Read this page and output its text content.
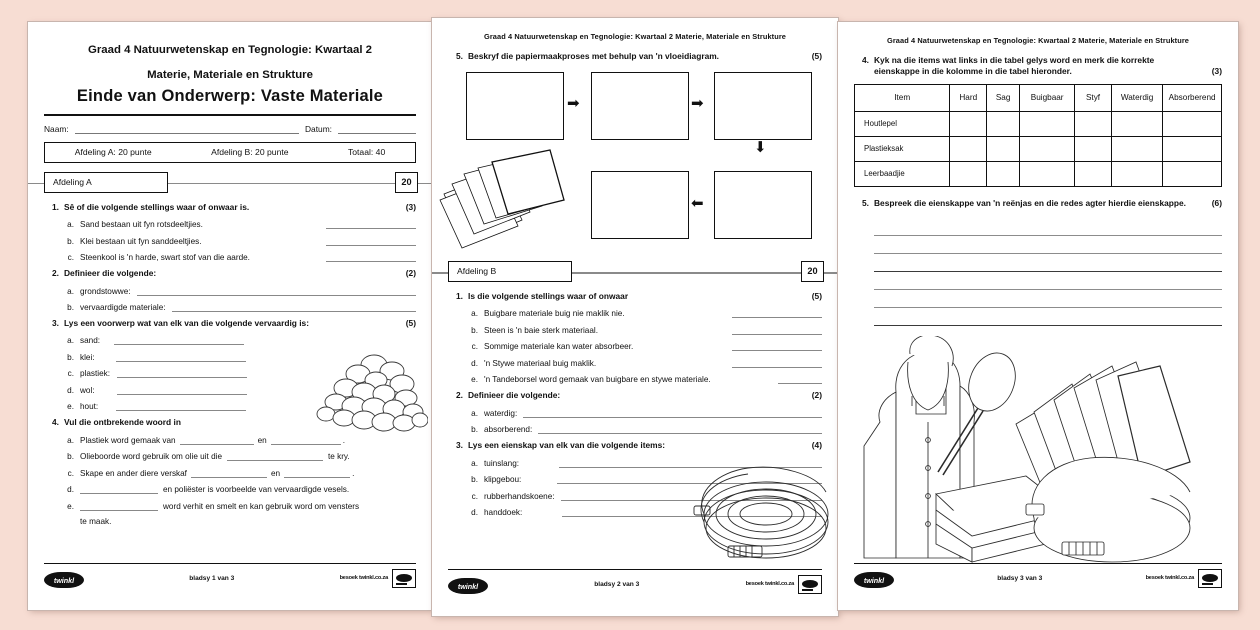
Graad 4 Natuurwetenskap en Tegnologie: Kwartaal 2
Materie, Materiale en Strukture
Einde van Onderwerp: Vaste Materiale
Naam:	Datum:
Afdeling A: 20 punte	Afdeling B: 20 punte	Totaal: 40
Afdeling A	20
1. Sê of die volgende stellings waar of onwaar is.	(3)
a. Sand bestaan uit fyn rotsdeeltjies.
b. Klei bestaan uit fyn sanddeeltjies.
c. Steenkool is 'n harde, swart stof van die aarde.
2. Definieer die volgende:	(2)
a. grondstowwe:
b. vervaardigde materiale:
3. Lys een voorwerp wat van elk van die volgende vervaardig is:	(5)
a. sand:
b. klei:
c. plastiek:
d. wol:
e. hout:
4. Vul die ontbrekende woord in
a. Plastiek word gemaak van	en	.
b. Olieboorde word gebruik om olie uit die	te kry.
c. Skape en ander diere verskaf	en	.
d.	en poliëster is voorbeelde van vervaardigde vesels.
e.	word verhit en smelt en kan gebruik word om vensters
te maak.
twinkl	bladsy 1 van 3	besoek twinkl.co.za
Graad 4 Natuurwetenskap en Tegnologie: Kwartaal 2 Materie, Materiale en Strukture
5. Beskryf die papiermaakproses met behulp van 'n vloeidiagram.	(5)
➡	➡
⬇
⬅
Afdeling B	20
1. Is die volgende stellings waar of onwaar	(5)
a. Buigbare materiale buig nie maklik nie.
b. Steen is 'n baie sterk materiaal.
c. Sommige materiale kan water absorbeer.
d. 'n Stywe materiaal buig maklik.
e. 'n Tandeborsel word gemaak van buigbare en stywe materiale.
2. Definieer die volgende:	(2)
a. waterdig:
b. absorberend:
3. Lys een eienskap van elk van die volgende items:	(4)
a. tuinslang:
b. klipgebou:
c. rubberhandskoene:
d. handdoek:
twinkl	bladsy 2 van 3	besoek twinkl.co.za
Graad 4 Natuurwetenskap en Tegnologie: Kwartaal 2 Materie, Materiale en Strukture
4. Kyk na die items wat links in die tabel gelys word en merk die korrekte
eienskappe in die kolomme in die tabel hieronder.	(3)
Item	Hard	Sag	Buigbaar	Styf	Waterdig	Absorberend
Houtlepel						
Plastieksak						
Leerbaadjie						
5. Bespreek die eienskappe van 'n reënjas en die redes agter hierdie eienskappe.	(6)
twinkl	bladsy 3 van 3	besoek twinkl.co.za
